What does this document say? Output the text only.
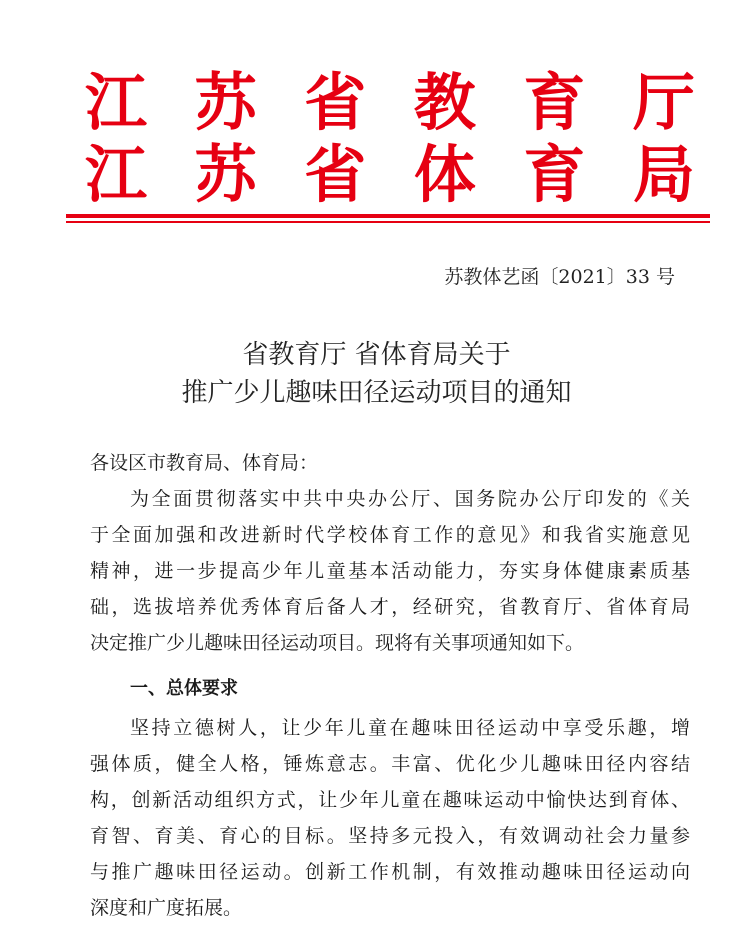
江 苏 省 教 育 厅
江 苏 省 体 育 局
苏教体艺函〔2021〕33 号
省教育厅 省体育局关于
推广少儿趣味田径运动项目的通知
各设区市教育局、体育局：
为全面贯彻落实中共中央办公厅、国务院办公厅印发的《关
于全面加强和改进新时代学校体育工作的意见》和我省实施意见
精神，进一步提高少年儿童基本活动能力，夯实身体健康素质基
础，选拔培养优秀体育后备人才，经研究，省教育厅、省体育局
决定推广少儿趣味田径运动项目。现将有关事项通知如下。
一、总体要求
坚持立德树人，让少年儿童在趣味田径运动中享受乐趣，增
强体质，健全人格，锤炼意志。丰富、优化少儿趣味田径内容结
构，创新活动组织方式，让少年儿童在趣味运动中愉快达到育体、
育智、育美、育心的目标。坚持多元投入，有效调动社会力量参
与推广趣味田径运动。创新工作机制，有效推动趣味田径运动向
深度和广度拓展。
